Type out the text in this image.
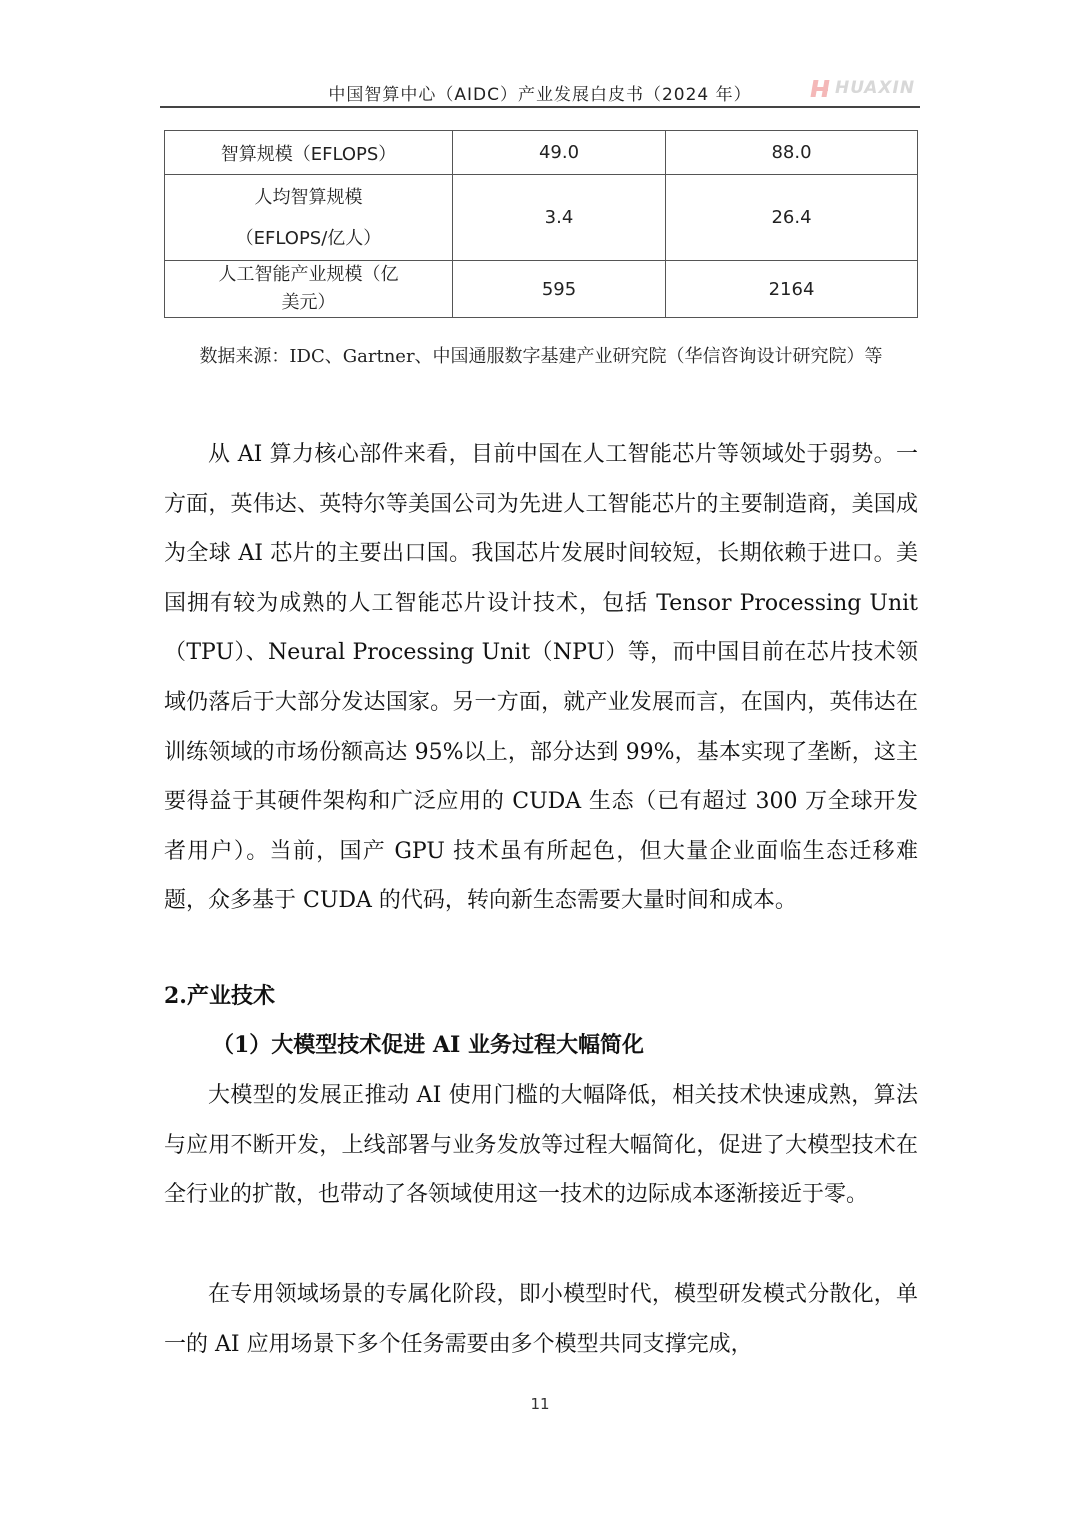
中国智算中心（AIDC）产业发展白皮书（2024 年）	HUAXIN
智算规模（EFLOPS）	49.0	88.0

人均智算规模
（EFLOPS/亿人）	3.4	26.4

人工智能产业规模（亿
美元）	595	2164
数据来源：IDC、Gartner、中国通服数字基建产业研究院（华信咨询设计研究院）等

从 AI 算力核心部件来看，目前中国在人工智能芯片等领域处于弱势。一方面，英伟达、英特尔等美国公司为先进人工智能芯片的主要制造商，美国成为全球 AI 芯片的主要出口国。我国芯片发展时间较短，长期依赖于进口。美国拥有较为成熟的人工智能芯片设计技术，包括 Tensor Processing Unit（TPU）、Neural Processing Unit（NPU）等，而中国目前在芯片技术领域仍落后于大部分发达国家。另一方面，就产业发展而言，在国内，英伟达在训练领域的市场份额高达 95%以上，部分达到 99%，基本实现了垄断，这主要得益于其硬件架构和广泛应用的 CUDA 生态（已有超过 300 万全球开发者用户）。当前，国产 GPU 技术虽有所起色，但大量企业面临生态迁移难题，众多基于 CUDA 的代码，转向新生态需要大量时间和成本。

2.产业技术
（1）大模型技术促进 AI 业务过程大幅简化

大模型的发展正推动 AI 使用门槛的大幅降低，相关技术快速成熟，算法与应用不断开发，上线部署与业务发放等过程大幅简化，促进了大模型技术在全行业的扩散，也带动了各领域使用这一技术的边际成本逐渐接近于零。

在专用领域场景的专属化阶段，即小模型时代，模型研发模式分散化，单一的 AI 应用场景下多个任务需要由多个模型共同支撑完成，

11
